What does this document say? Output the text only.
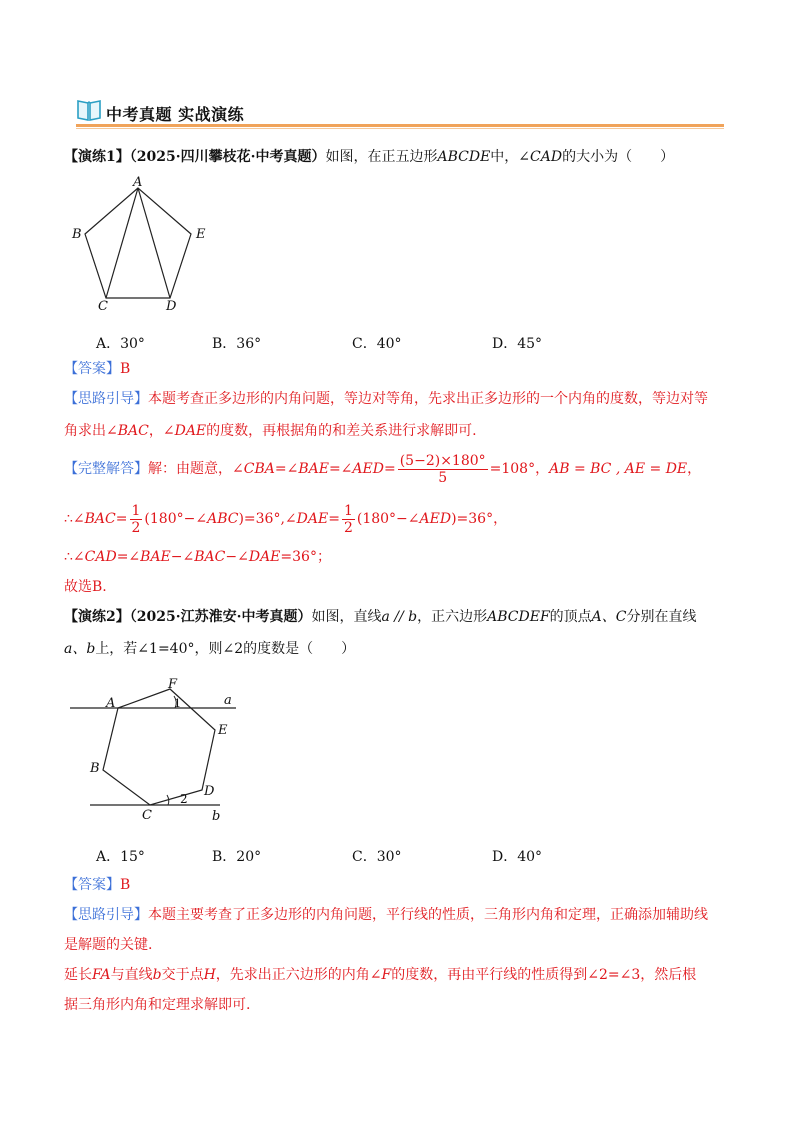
中考真题 实战演练
【演练1】（2025·四川攀枝花·中考真题）如图，在正五边形ABCDE中，∠CAD的大小为（　　）
A
B
C	D
E
A．30°	B．36°	C．40°	D．45°
【答案】B
【思路引导】本题考查正多边形的内角问题，等边对等角，先求出正多边形的一个内角的度数，等边对等
角求出∠BAC，∠DAE的度数，再根据角的和差关系进行求解即可.
【完整解答】解：由题意，∠CBA=∠BAE=∠AED= $\frac{(5-2)\times 180^\circ}{5} =108^\circ$，AB = BC , AE = DE，
∴∠BAC= $\frac{1}{2}$ (180°−∠ABC)=36°,∠DAE= $\frac{1}{2}$ (180°−∠AED)=36°，
∴∠CAD=∠BAE−∠BAC−∠DAE=36°；
故选B.
【演练2】（2025·江苏淮安·中考真题）如图，直线a // b，正六边形ABCDEF的顶点A、C分别在直线
a、b上，若∠1=40°，则∠2的度数是（　　）
A
B
C
D
E
F
a
b
1
2
A．15°	B．20°	C．30°	D．40°
【答案】B
【思路引导】本题主要考查了正多边形的内角问题，平行线的性质，三角形内角和定理，正确添加辅助线
是解题的关键.
延长FA与直线b交于点H，先求出正六边形的内角∠F的度数，再由平行线的性质得到∠2=∠3，然后根
据三角形内角和定理求解即可.
